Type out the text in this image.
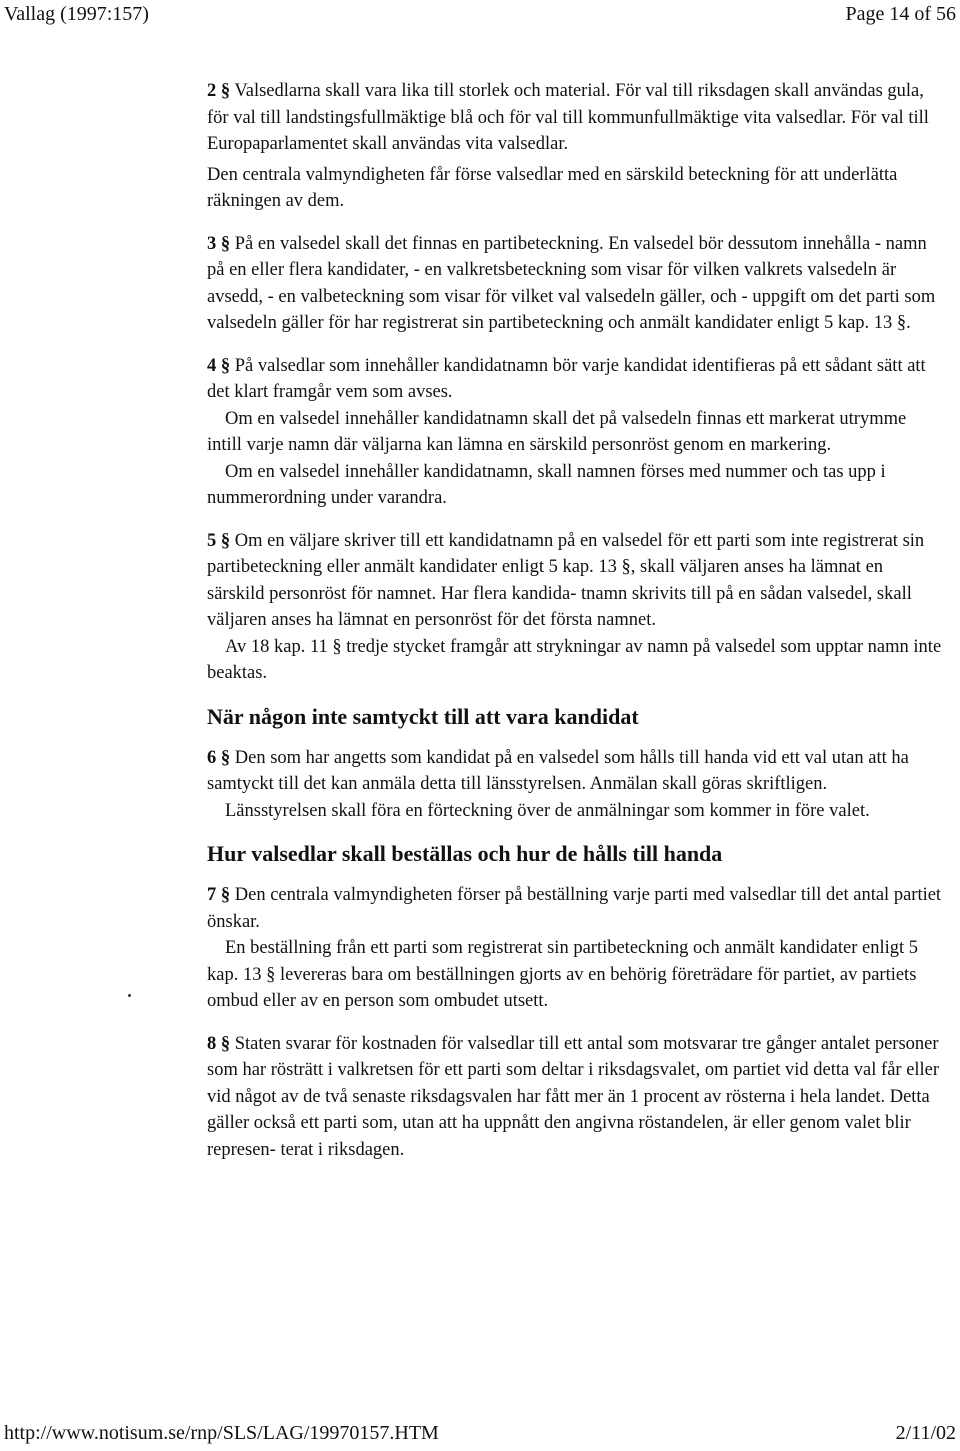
Vallag (1997:157)	Page 14 of 56

2 § Valsedlarna skall vara lika till storlek och material. För val till riksdagen skall användas gula, för val till landstingsfullmäktige blå och för val till kommunfullmäktige vita valsedlar. För val till Europaparlamentet skall användas vita valsedlar.

Den centrala valmyndigheten får förse valsedlar med en särskild beteckning för att underlätta räkningen av dem.

3 § På en valsedel skall det finnas en partibeteckning. En valsedel bör dessutom innehålla - namn på en eller flera kandidater, - en valkretsbeteckning som visar för vilken valkrets valsedeln är avsedd, - en valbeteckning som visar för vilket val valsedeln gäller, och - uppgift om det parti som valsedeln gäller för har registrerat sin partibeteckning och anmält kandidater enligt 5 kap. 13 §.

4 § På valsedlar som innehåller kandidatnamn bör varje kandidat identifieras på ett sådant sätt att det klart framgår vem som avses.

Om en valsedel innehåller kandidatnamn skall det på valsedeln finnas ett markerat utrymme intill varje namn där väljarna kan lämna en särskild personröst genom en markering.

Om en valsedel innehåller kandidatnamn, skall namnen förses med nummer och tas upp i nummerordning under varandra.

5 § Om en väljare skriver till ett kandidatnamn på en valsedel för ett parti som inte registrerat sin partibeteckning eller anmält kandidater enligt 5 kap. 13 §, skall väljaren anses ha lämnat en särskild personröst för namnet. Har flera kandida- tnamn skrivits till på en sådan valsedel, skall väljaren anses ha lämnat en personröst för det första namnet.

Av 18 kap. 11 § tredje stycket framgår att strykningar av namn på valsedel som upptar namn inte beaktas.

När någon inte samtyckt till att vara kandidat

6 § Den som har angetts som kandidat på en valsedel som hålls till handa vid ett val utan att ha samtyckt till det kan anmäla detta till länsstyrelsen. Anmälan skall göras skriftligen.

Länsstyrelsen skall föra en förteckning över de anmälningar som kommer in före valet.

Hur valsedlar skall beställas och hur de hålls till handa

7 § Den centrala valmyndigheten förser på beställning varje parti med valsedlar till det antal partiet önskar.

En beställning från ett parti som registrerat sin partibeteckning och anmält kandidater enligt 5 kap. 13 § levereras bara om beställningen gjorts av en behörig företrädare för partiet, av partiets ombud eller av en person som ombudet utsett.

8 § Staten svarar för kostnaden för valsedlar till ett antal som motsvarar tre gånger antalet personer som har rösträtt i valkretsen för ett parti som deltar i riksdagsvalet, om partiet vid detta val får eller vid något av de två senaste riksdagsvalen har fått mer än 1 procent av rösterna i hela landet. Detta gäller också ett parti som, utan att ha uppnått den angivna röstandelen, är eller genom valet blir represen- terat i riksdagen.

http://www.notisum.se/rnp/SLS/LAG/19970157.HTM	2/11/02
